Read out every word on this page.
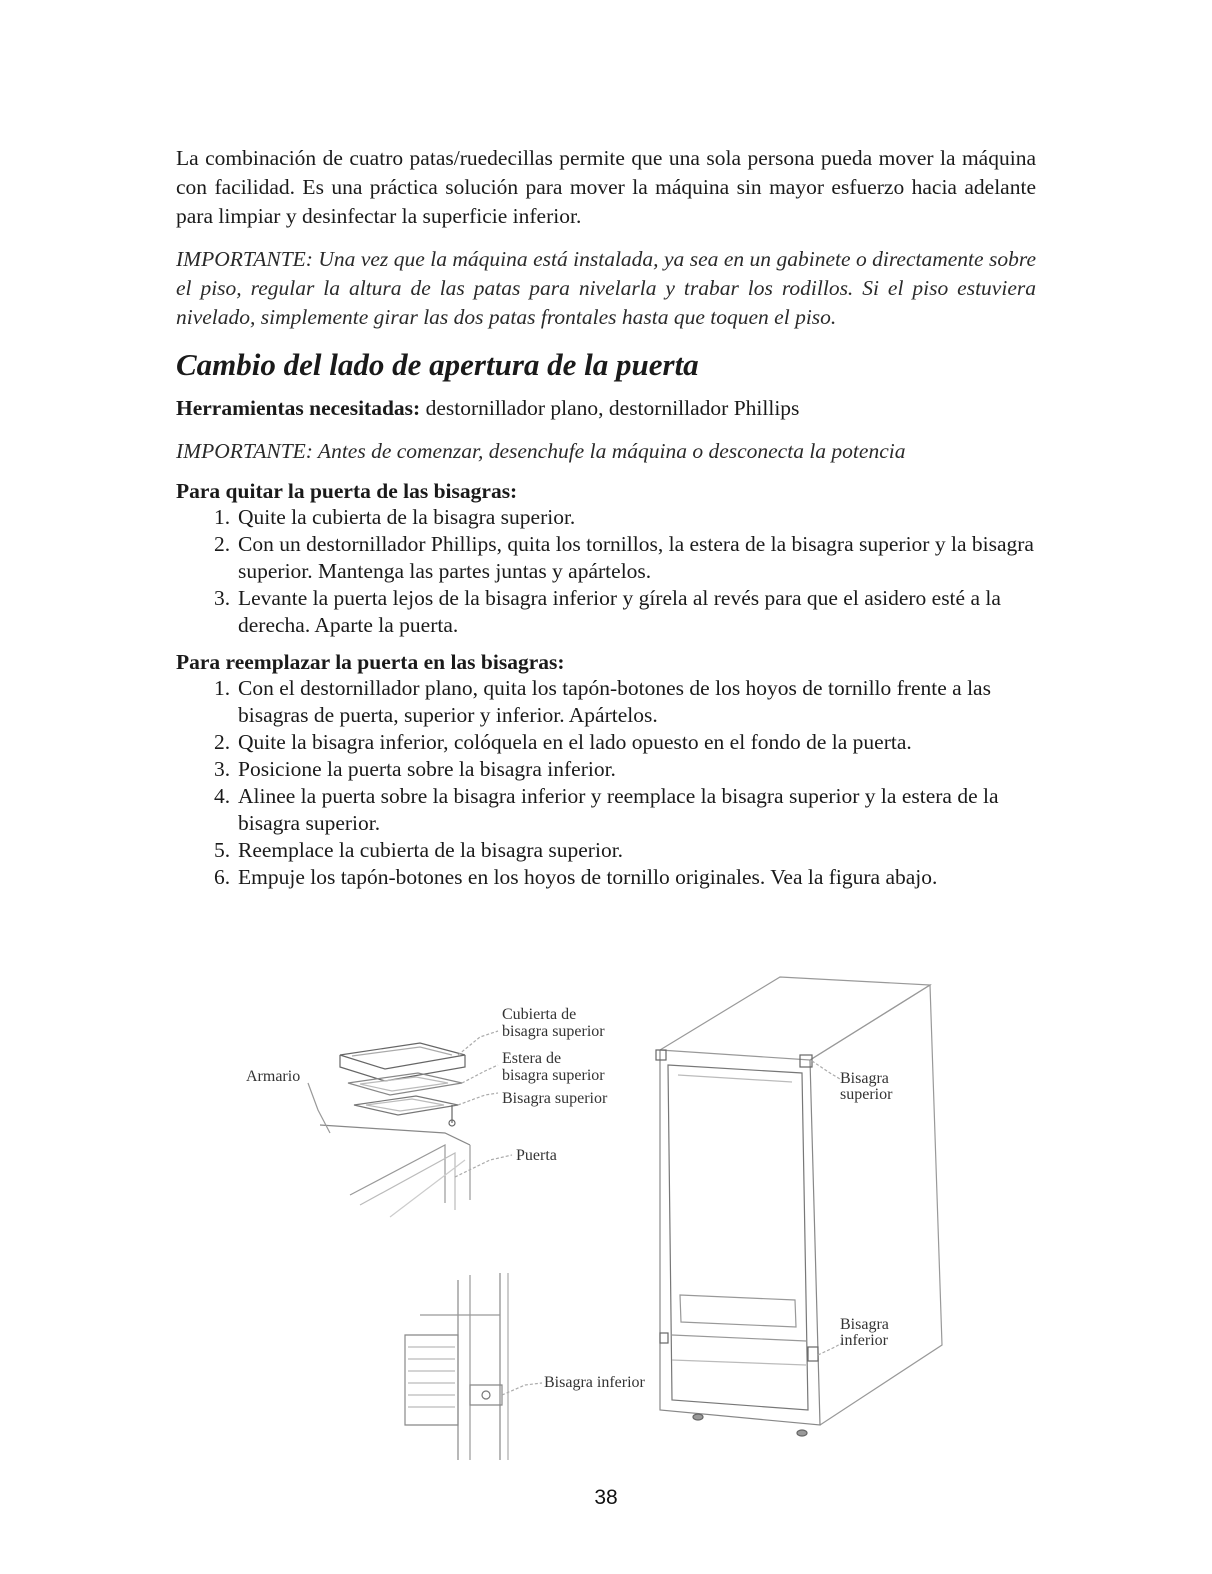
La combinación de cuatro patas/ruedecillas permite que una sola persona pueda mover la máquina con facilidad. Es una práctica solución para mover la máquina sin mayor esfuerzo hacia adelante para limpiar y desinfectar la superficie inferior.

IMPORTANTE: Una vez que la máquina está instalada, ya sea en un gabinete o directamente sobre el piso, regular la altura de las patas para nivelarla y trabar los rodillos. Si el piso estuviera nivelado, simplemente girar las dos patas frontales hasta que toquen el piso.

Cambio del lado de apertura de la puerta

Herramientas necesitadas: destornillador plano, destornillador Phillips

IMPORTANTE: Antes de comenzar, desenchufe la máquina o desconecta la potencia

Para quitar la puerta de las bisagras:
1. Quite la cubierta de la bisagra superior.
2. Con un destornillador Phillips, quita los tornillos, la estera de la bisagra superior y la bisagra superior. Mantenga las partes juntas y apártelos.
3. Levante la puerta lejos de la bisagra inferior y gírela al revés para que el asidero esté a la derecha. Aparte la puerta.
Para reemplazar la puerta en las bisagras:
1. Con el destornillador plano, quita los tapón-botones de los hoyos de tornillo frente a las bisagras de puerta, superior y inferior. Apártelos.
2. Quite la bisagra inferior, colóquela en el lado opuesto en el fondo de la puerta.
3. Posicione la puerta sobre la bisagra inferior.
4. Alinee la puerta sobre la bisagra inferior y reemplace la bisagra superior y la estera de la bisagra superior.
5. Reemplace la cubierta de la bisagra superior.
6. Empuje los tapón-botones en los hoyos de tornillo originales. Vea la figura abajo.
Cubierta de
bisagra superior
Estera de
bisagra superior
Armario
Bisagra superior
Puerta
Bisagra inferior
Bisagra
superior
Bisagra
inferior
38
